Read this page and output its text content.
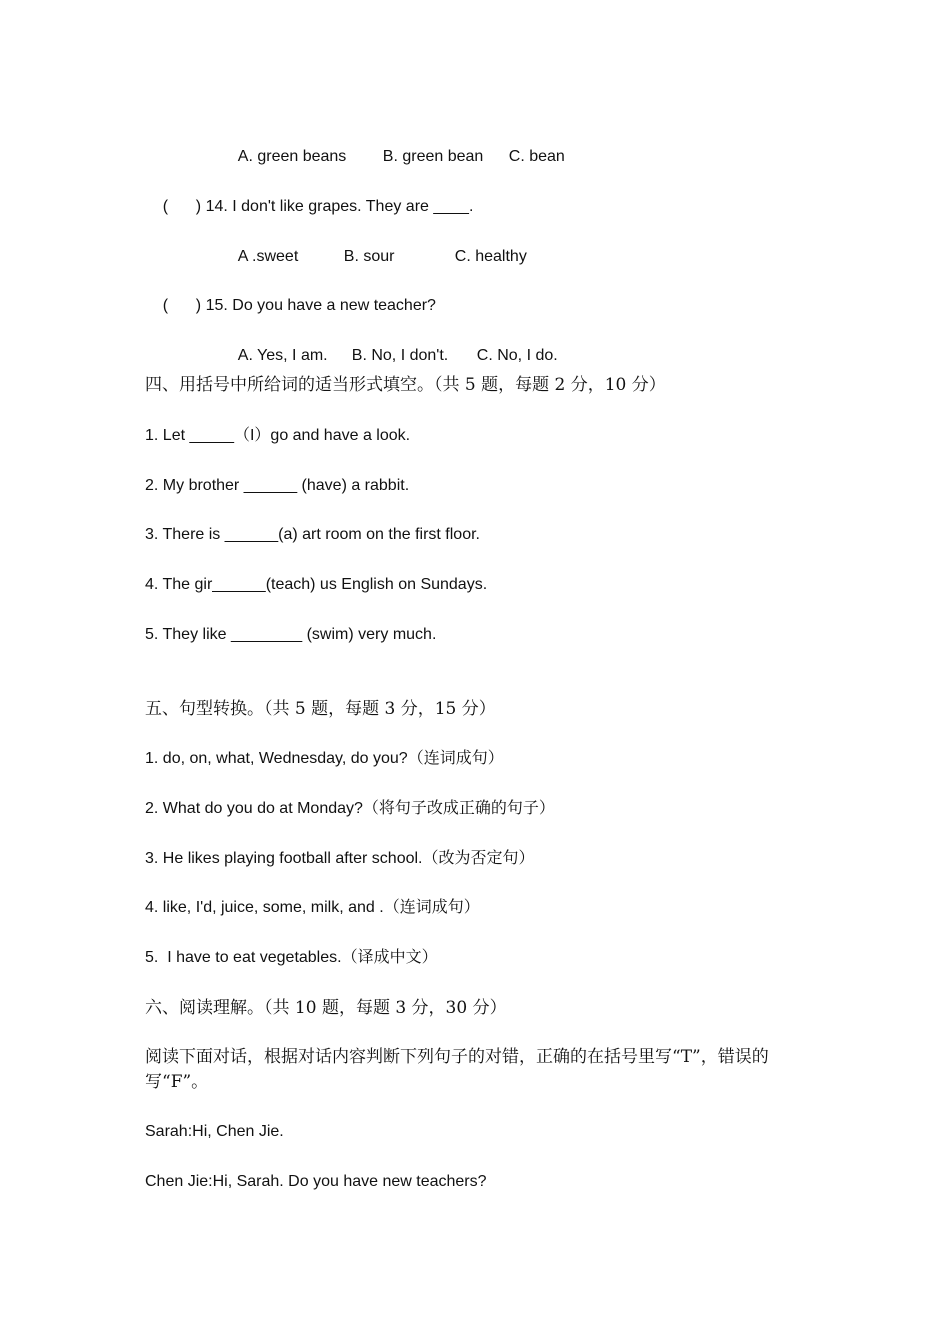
A. green beans B. green bean C. bean

( ) 14. I don't like grapes. They are ____.

A .sweet	B. sour	C. healthy

( ) 15. Do you have a new teacher?

A. Yes, I am. B. No, I don't. C. No, I do.

四、用括号中所给词的适当形式填空。（共 5 题，每题 2 分，10 分）
1. Let _____（I）go and have a look.
2. My brother ______ (have) a rabbit.
3. There is ______(a) art room on the first floor.
4. The gir______(teach) us English on Sundays.
5. They like ________ (swim) very much.
五、句型转换。（共 5 题，每题 3 分，15 分）
1. do, on, what, Wednesday, do you?（连词成句）
2. What do you do at Monday?（将句子改成正确的句子）
3. He likes playing football after school.（改为否定句）
4. like, I'd, juice, some, milk, and .（连词成句）
5.  I have to eat vegetables.（译成中文）
六、阅读理解。（共 10 题，每题 3 分，30 分）
阅读下面对话，根据对话内容判断下列句子的对错，正确的在括号里写“T”，错误的写“F”。
Sarah:Hi, Chen Jie.
Chen Jie:Hi, Sarah. Do you have new teachers?
